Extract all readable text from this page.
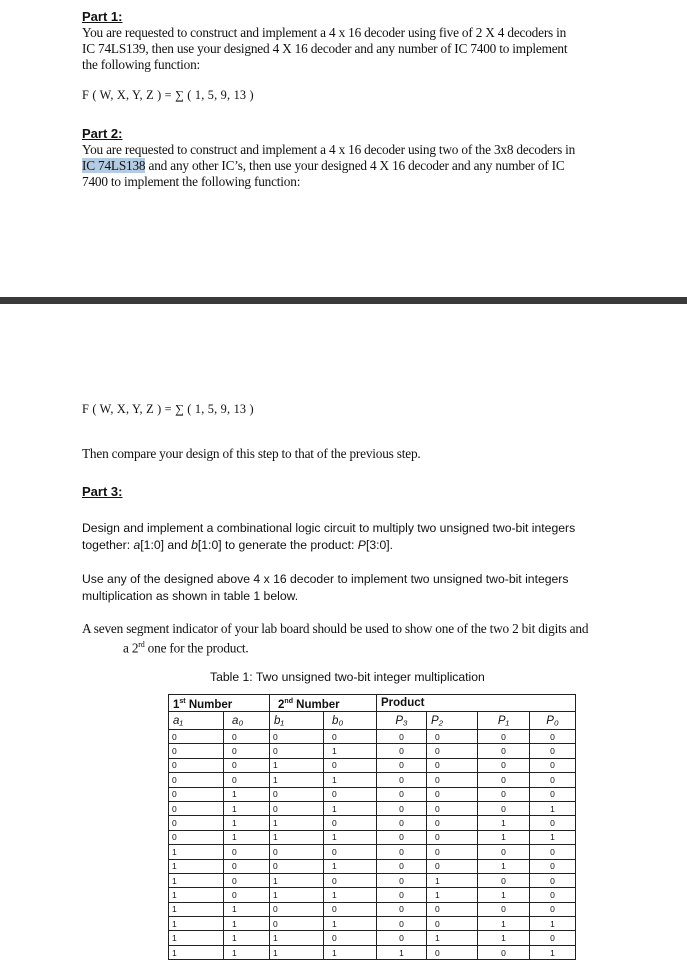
Part 1:
You are requested to construct and implement a 4 x 16 decoder using five of 2 X 4 decoders in
IC 74LS139, then use your designed 4 X 16 decoder and any number of IC 7400 to implement
the following function:
F ( W, X, Y, Z ) = ∑ ( 1, 5, 9, 13 )
Part 2:
You are requested to construct and implement a 4 x 16 decoder using two of the 3x8 decoders in
IC 74LS138 and any other IC’s, then use your designed 4 X 16 decoder and any number of IC
7400 to implement the following function:
F ( W, X, Y, Z ) = ∑ ( 1, 5, 9, 13 )
Then compare your design of this step to that of the previous step.
Part 3:
Design and implement a combinational logic circuit to multiply two unsigned two-bit integers
together: a[1:0] and b[1:0] to generate the product: P[3:0].
Use any of the designed above 4 x 16 decoder to implement two unsigned two-bit integers
multiplication as shown in table 1 below.
A seven segment indicator of your lab board should be used to show one of the two 2 bit digits and
a 2rd one for the product.
Table 1: Two unsigned two-bit integer multiplication
1st Number		2nd Number		Product			
a₁	a₀	b₁	b₀	P₃	P₂	P₁	P₀
0	0	0	0	0	0	0	0
0	0	0	1	0	0	0	0
0	0	1	0	0	0	0	0
0	0	1	1	0	0	0	0
0	1	0	0	0	0	0	0
0	1	0	1	0	0	0	1
0	1	1	0	0	0	1	0
0	1	1	1	0	0	1	1
1	0	0	0	0	0	0	0
1	0	0	1	0	0	1	0
1	0	1	0	0	1	0	0
1	0	1	1	0	1	1	0
1	1	0	0	0	0	0	0
1	1	0	1	0	0	1	1
1	1	1	0	0	1	1	0
1	1	1	1	1	0	0	1
